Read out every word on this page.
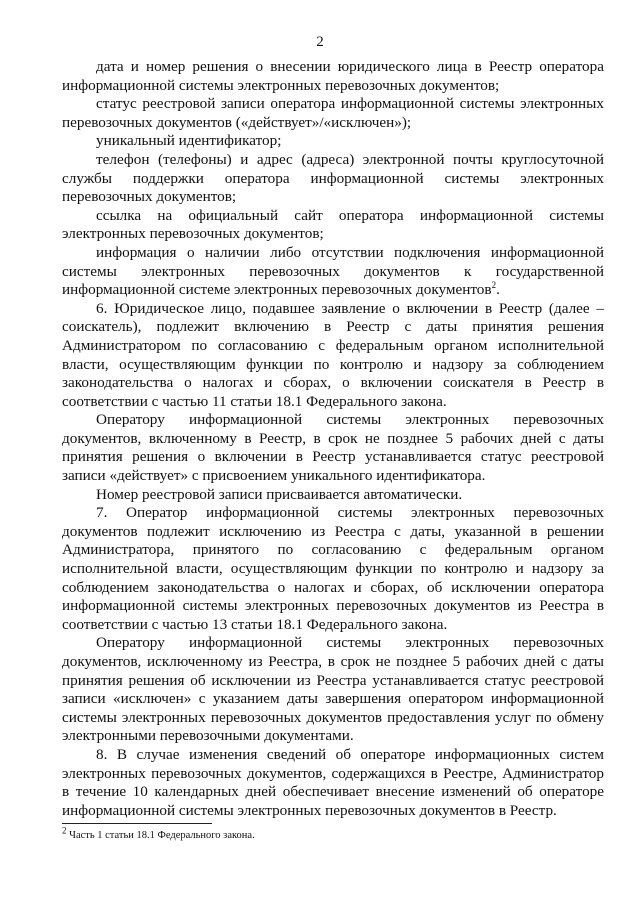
2

дата и номер решения о внесении юридического лица в Реестр оператора информационной системы электронных перевозочных документов;

статус реестровой записи оператора информационной системы электронных перевозочных документов («действует»/«исключен»);

уникальный идентификатор;

телефон (телефоны) и адрес (адреса) электронной почты круглосуточной службы поддержки оператора информационной системы электронных перевозочных документов;

ссылка на официальный сайт оператора информационной системы электронных перевозочных документов;

информация о наличии либо отсутствии подключения информационной системы электронных перевозочных документов к государственной информационной системе электронных перевозочных документов$^2$.

6. Юридическое лицо, подавшее заявление о включении в Реестр (далее – соискатель), подлежит включению в Реестр с даты принятия решения Администратором по согласованию с федеральным органом исполнительной власти, осуществляющим функции по контролю и надзору за соблюдением законодательства о налогах и сборах, о включении соискателя в Реестр в соответствии с частью 11 статьи 18.1 Федерального закона.

Оператору информационной системы электронных перевозочных документов, включенному в Реестр, в срок не позднее 5 рабочих дней с даты принятия решения о включении в Реестр устанавливается статус реестровой записи «действует» с присвоением уникального идентификатора.

Номер реестровой записи присваивается автоматически.

7. Оператор информационной системы электронных перевозочных документов подлежит исключению из Реестра с даты, указанной в решении Администратора, принятого по согласованию с федеральным органом исполнительной власти, осуществляющим функции по контролю и надзору за соблюдением законодательства о налогах и сборах, об исключении оператора информационной системы электронных перевозочных документов из Реестра в соответствии с частью 13 статьи 18.1 Федерального закона.

Оператору информационной системы электронных перевозочных документов, исключенному из Реестра, в срок не позднее 5 рабочих дней с даты принятия решения об исключении из Реестра устанавливается статус реестровой записи «исключен» с указанием даты завершения оператором информационной системы электронных перевозочных документов предоставления услуг по обмену электронными перевозочными документами.

8. В случае изменения сведений об операторе информационных систем электронных перевозочных документов, содержащихся в Реестре, Администратор в течение 10 календарных дней обеспечивает внесение изменений об операторе информационной системы электронных перевозочных документов в Реестр.

$^2$ Часть 1 статьи 18.1 Федерального закона.
